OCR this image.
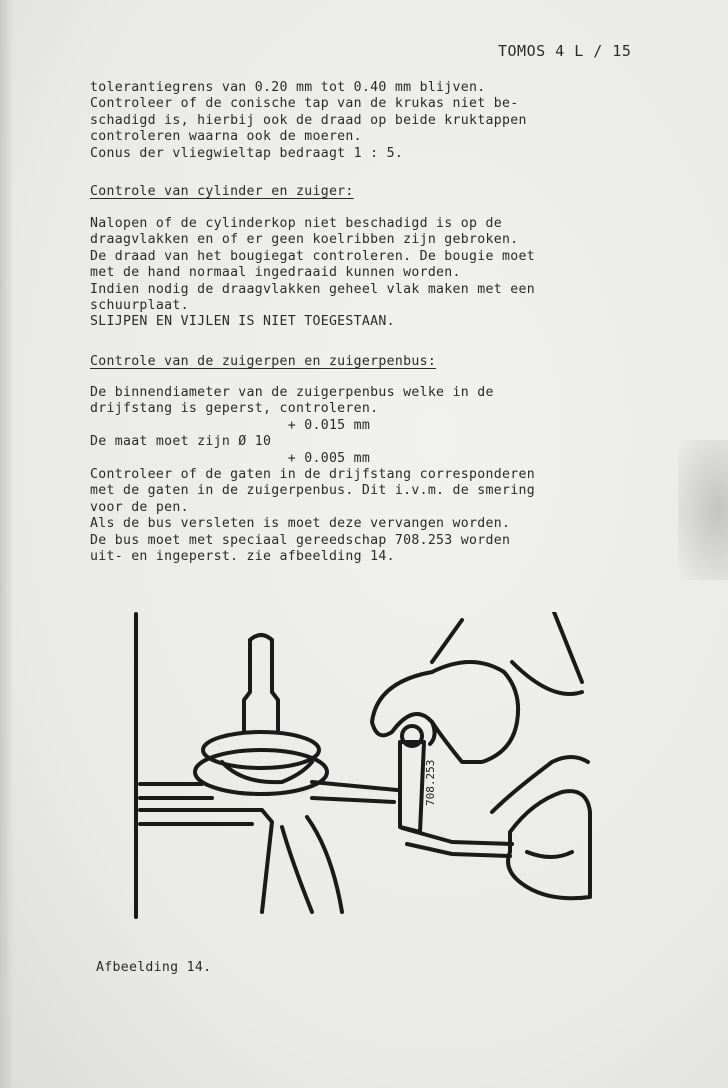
TOMOS 4 L / 15
tolerantiegrens van 0.20 mm tot 0.40 mm blijven.
Controleer of de conische tap van de krukas niet be-
schadigd is, hierbij ook de draad op beide kruktappen
controleren waarna ook de moeren.
Conus der vliegwieltap bedraagt 1 : 5.
Controle van cylinder en zuiger:
Nalopen of de cylinderkop niet beschadigd is op de
draagvlakken en of er geen koelribben zijn gebroken.
De draad van het bougiegat controleren. De bougie moet
met de hand normaal ingedraaid kunnen worden.
Indien nodig de draagvlakken geheel vlak maken met een
schuurplaat.
SLIJPEN EN VIJLEN IS NIET TOEGESTAAN.
Controle van de zuigerpen en zuigerpenbus:
De binnendiameter van de zuigerpenbus welke in de
drijfstang is geperst, controleren.
+ 0.015 mm
De maat moet zijn Ø 10
+ 0.005 mm
Controleer of de gaten in de drijfstang corresponderen
met de gaten in de zuigerpenbus. Dit i.v.m. de smering
voor de pen.
Als de bus versleten is moet deze vervangen worden.
De bus moet met speciaal gereedschap 708.253 worden
uit- en ingeperst. zie afbeelding 14.
708.253
Afbeelding 14.
